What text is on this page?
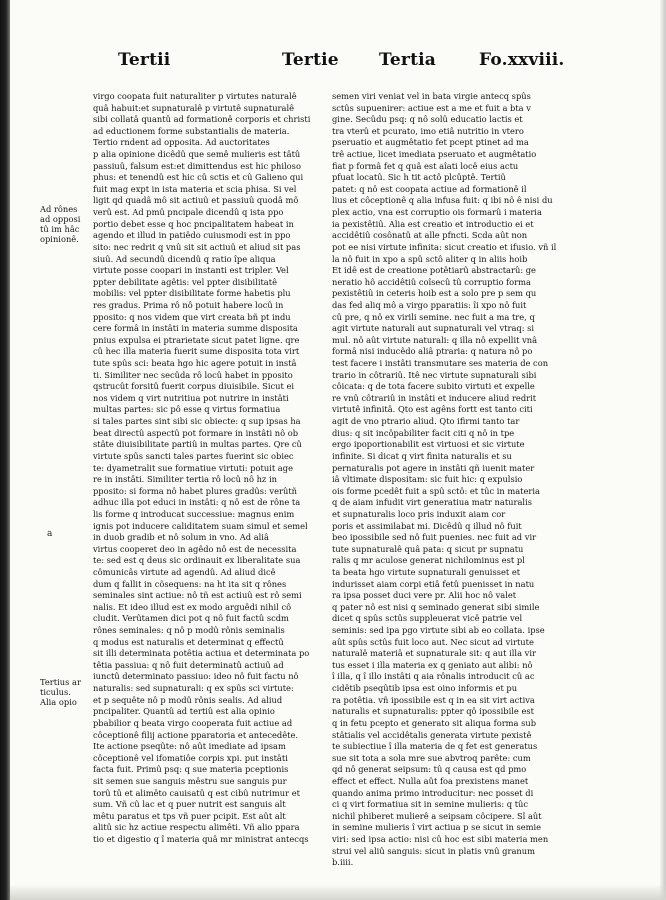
Tertii	Tertie Tertia	Fo.xxviii.
Ad rônes
ad opposi
tû im hâc
opinionê.
Tertius ar
ticulus.
Alia opio
a
virgo coopata fuit naturaliter p virtutes naturalê
quâ habuit:et supnaturalê p virtutê supnaturalê
sibi collatâ quantû ad formationê corporis et christi
ad eductionem forme substantialis de materia.
Tertio rndent ad opposita. Ad auctoritates
p alia opinione dicêdû que semê mulieris est tâtû
passiuû, falsum est:et dimittendus est hic philoso
phus: et tenendû est hic cû sctis et cû Galieno qui
fuit mag expt in ista materia et scia phisa. Si vel
ligit qd quadâ mô sit actiuû et passiuû quodâ mô
verû est. Ad pmû pncipale dicendû q ista ppo
portio debet esse q hoc pncipalitatem habeat in
agendo et illud in patiêdo cuiusmodi est in ppo
sito: nec redrit q vnû sit sit actiuû et aliud sit pas
siuû. Ad secundû dicendû q ratio îpe aliqua
virtute posse coopari in instanti est tripler. Vel
ppter debilitate agêtis: vel ppter disibilitatê
mobilis: vel ppter disibilitate forme habetis plu
res gradus. Prima rô nô potuit habere locû in
pposito: q nos videm que virt creata bñ pt indu
cere formâ in instâti in materia summe disposita
pnius expulsa ei ptrarietate sicut patet ligne. qre
cû hec illa materia fuerit sume disposita tota virt
tute spûs sci: beata hgo hic agere potuit in instâ
ti. Similiter nec secûda rô locû habet in pposito
qstrucût forsitû fuerit corpus diuisibile. Sicut ei
nos videm q virt nutritiua pot nutrire in instâti
multas partes: sic pô esse q virtus formatiua
si tales partes sint sibi sic obiecte: q sup ipsas ha
beat directû aspectû pot formare in instâti nô ob
stâte diuisibilitate partiû in multas partes. Qre cû
virtute spûs sancti tales partes fuerint sic obiec
te: dyametralit sue formatiue virtuti: potuit age
re in instâti. Similiter tertia rô locû nô hz in
pposito: si forma nô habet plures gradûs: verûtñ
adhuc illa pot educi in instâti: q nô est de rône ta
lis forme q introducat successiue: magnus enim
ignis pot inducere caliditatem suam simul et semel
in duob gradib et nô solum in vno. Ad aliâ
virtus cooperet deo in agêdo nô est de necessita
te: sed est q deus sic ordinauit ex liberalitate sua
cômunicâs virtute ad agendû. Ad aliud dicê
dum q fallit in cõsequens: na ht ita sit q rônes
seminales sint actiue: nô tñ est actiuû est rô semi
nalis. Et ideo illud est ex modo arguêdi nihil cô
cludit. Verûtamen dici pot q nô fuit factû scdm
rônes seminales: q nô p modû rônis seminalis
q modus est naturalis et determinat q effectû
sit illi determinata potêtia actiua et determinata po
têtia passiua: q nô fuit determinatû actiuû ad
iunctû determinato passiuo: ideo nô fuit factu nô
naturalis: sed supnaturali: q ex spûs sci virtute:
et p sequête nô p modû rônis sealis. Ad aliud
pncipaliter. Quantû ad tertiû est alia opinio
pbabilior q beata virgo cooperata fuit actiue ad
côceptionê filij actione pparatoria et antecedête.
Ite actione pseqûte: nô aût imediate ad ipsam
côceptionê vel ifomatiôe corpis xpi. put instâti
facta fuit. Primû psq: q sue materia pceptionis
sit semen sue sanguis mêstru sue sanguis pur
torû tû et alimêto cauisatû q est cibû nutrimur et
sum. Vñ cû lac et q puer nutrit est sanguis alt
mêtu paratus et tps vñ puer pcipit. Est aût alt
alitû sic hz actiue respectu alimêti. Vñ alio ppara
tio et digestio q î materia quâ mr ministrat antecqs
semen viri veniat vel in bata virgie antecq spûs
sctûs supuenirer: actiue est a me et fuit a bta v
gine. Secûdu psq: q nô solû educatio lactis et
tra vterû et pcurato, imo etiâ nutritio in vtero
pseruatio et augmêtatio fet pcept ptinet ad ma
trê actiue, licet imediata pseruato et augmêtatio
fiat p formâ fet q quâ est aîati locê eius actu
pfuat locatû. Sic h tit actô plcûptê. Tertiû
patet: q nô est coopata actiue ad formationê il
lius et côceptionê q alia infusa fuit: q ibi nô ê nisi du
plex actio, vna est corruptio ois formarû i materia
ia pexistêtiû. Alia est creatio et introductio ei et
accidêtiû cosônatû at alle pfncti. Scda aût non
pot ee nisi virtute infinita: sicut creatio et ifusio. vñ il
la nô fuit in xpo a spû sctô aliter q in aliis hoib
Et idê est de creatione potêtiarû abstractarû: ge
neratio hô accidêtiû coîsecû tû corruptio forma
pexistêtiû in ceteris hoib est a solo pre p sem qu
das fed aliq mô a virgo pparatiis: îi xpo nô fuit
cû pre, q nô ex virili semine. nec fuit a ma tre, q
agit virtute naturali aut supnaturali vel vtraq: si
mul. nô aût virtute naturali: q illa nô expellit vnâ
formâ nisi inducêdo aliâ ptraria: q natura nô po
test facere i instâti transmutare ses materia de con
trario in côtrariû. Itê nec virtute supnaturali sibi
côicata: q de tota facere subito virtuti et expelle
re vnû côtrariû in instâti et inducere aliud redrit
virtutê infinitâ. Qto est agêns fortt est tanto citi
agit de vno ptrario aliud. Qto ifirmi tanto tar
dius: q sit incôpabiliter facit citi q nô in tpe
ergo ipoportionabilit est virtuosi et sic virtute
infinite. Si dicat q virt finita naturalis et su
pernaturalis pot agere in instâti qñ iuenit mater
iâ vltimate dispositam: sic fuit hic: q expulsio
ois forme pcedêt fuit a spû sctô: et tûc in materia
q de aiam infudit virt generatiua matr naturalis
et supnaturalis loco pris induxit aiam cor
poris et assimilabat mi. Dicêdû q illud nô fuit
beo ipossibile sed nô fuit puenies. nec fuit ad vir
tute supnaturalê quâ pata: q sicut pr supnatu
ralis q mr aculose generat nichilominus est pl
ta beata hgo virtute supnaturali genuisset et
indurisset aiam corpi etiâ fetû puenisset in natu
ra ipsa posset duci vere pr. Alii hoc nô valet
q pater nô est nisi q seminado generat sibi simile
dicet q spûs sctûs suppleuerat vicê patrie vel
seminis: sed ipa pgo virtute sibi ab eo collata. ipse
aût spûs sctûs fuit loco aut. Nec sicut ad virtute
naturalê materiâ et supnaturale sit: q aut illa vir
tus esset i illa materia ex q geniato aut alibi: nô
î illa, q î illo instâti q aia rônalis introducit cû ac
cidêtib pseqûtib ipsa est oino informis et pu
ra potêtia. vñ ipossibile est q in ea sit virt activa
naturalis et supnaturalis: ppter qô ipossibile est
q in fetu pcepto et generato sit aliqua forma sub
stâtialis vel accidêtalis generata virtute pexistê
te subiectiue î illa materia de q fet est generatus
sue sit tota a sola mre sue abvtroq parête: cum
qd nô generat seipsum: tû q causa est qd pmo
effect et effect. Nulla aût foa prexistens manet
quando anima primo introducitur: nec posset di
ci q virt formatiua sit in semine mulieris: q tûc
nichil phiberet mulierê a seipsam côcipere. Sî aût
in semine mulieris î virt actiua p se sicut in semie
viri: sed ipsa actio: nisi cû hoc est sibi materia men
strui vel aliû sanguis: sicut in platis vnû granum
b.iiii.
